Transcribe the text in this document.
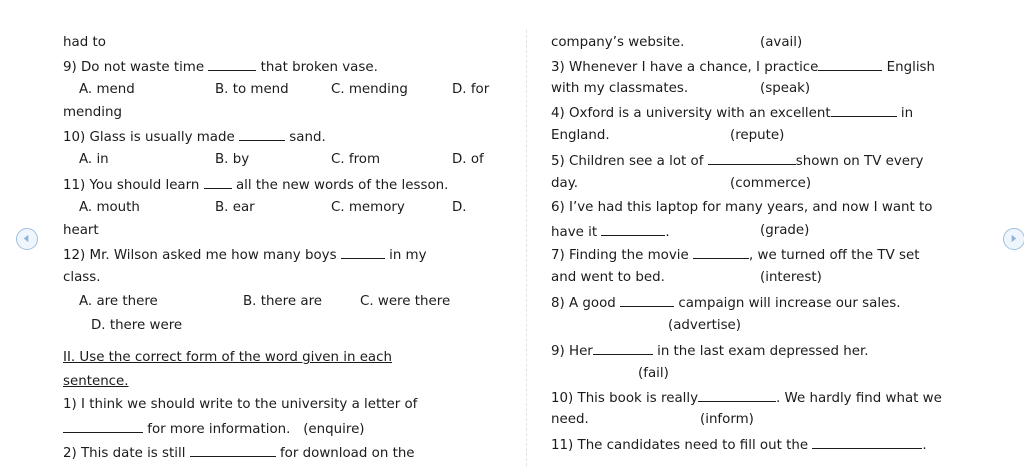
had to
9) Do not waste time	that broken vase.
A. mend	B. to mend	C. mending	D. for
mending
10) Glass is usually made	sand.
A. in	B. by	C. from	D. of
11) You should learn	all the new words of the lesson.
A. mouth	B. ear	C. memory	D.
heart
12) Mr. Wilson asked me how many boys	in my
class.
A. are there	B. there are	C. were there
D. there were
II. Use the correct form of the word given in each
sentence.
1) I think we should write to the university a letter of
for more information. (enquire)
2) This date is still	for download on the
company’s website.	(avail)
3) Whenever I have a chance, I practice	English
with my classmates.	(speak)
4) Oxford is a university with an excellent	in
England.	(repute)
5) Children see a lot of	shown on TV every
day.	(commerce)
6) I’ve had this laptop for many years, and now I want to
have it	.	(grade)
7) Finding the movie	, we turned off the TV set
and went to bed.	(interest)
8) A good	campaign will increase our sales.
(advertise)
9) Her	in the last exam depressed her.
(fail)
10) This book is really	. We hardly find what we
need.	(inform)
11) The candidates need to fill out the	.
